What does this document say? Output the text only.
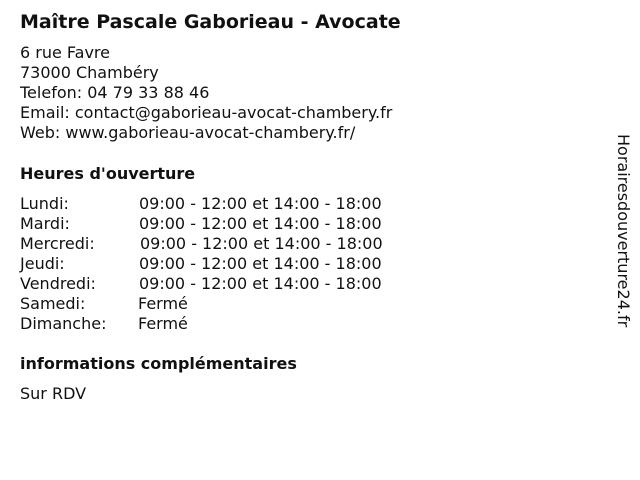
Maître Pascale Gaborieau - Avocate
6 rue Favre
73000 Chambéry
Telefon: 04 79 33 88 46
Email: contact@gaborieau-avocat-chambery.fr
Web: www.gaborieau-avocat-chambery.fr/
Heures d'ouverture
Lundi:	09:00 - 12:00 et 14:00 - 18:00
Mardi:	09:00 - 12:00 et 14:00 - 18:00
Mercredi:	09:00 - 12:00 et 14:00 - 18:00
Jeudi:	09:00 - 12:00 et 14:00 - 18:00
Vendredi:	09:00 - 12:00 et 14:00 - 18:00
Samedi:	Fermé
Dimanche: Fermé
informations complémentaires
Sur RDV
Horairesdouverture24.fr
